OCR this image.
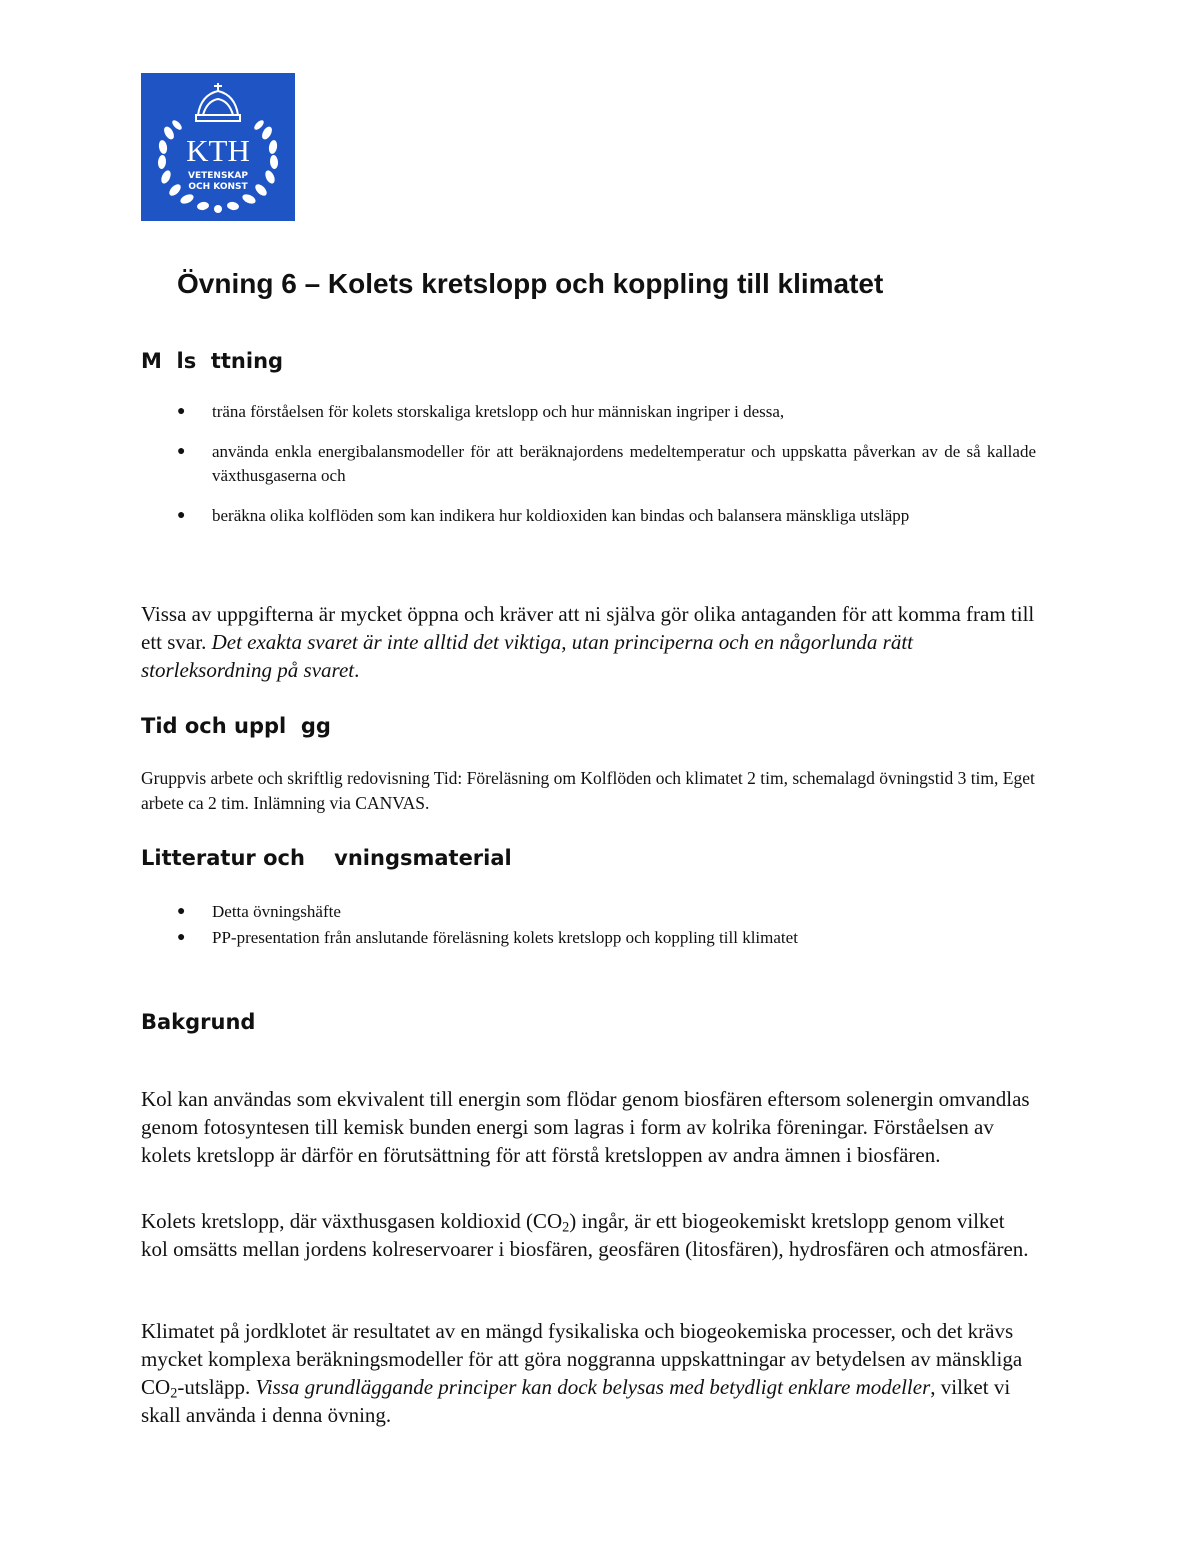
KTH
VETENSKAP
OCH KONST
Övning 6 – Kolets kretslopp och koppling till klimatet
M  ls  ttning
● träna förståelsen för kolets storskaliga kretslopp och hur människan ingriper i dessa,
● använda enkla energibalansmodeller för att beräknajordens medeltemperatur och uppskatta påverkan av de så kallade växthusgaserna och
● beräkna olika kolflöden som kan indikera hur koldioxiden kan bindas och balansera mänskliga utsläpp

Vissa av uppgifterna är mycket öppna och kräver att ni själva gör olika antaganden för att komma fram till ett svar. Det exakta svaret är inte alltid det viktiga, utan principerna och en någorlunda rätt storleksordning på svaret.

Tid och uppl  gg

Gruppvis arbete och skriftlig redovisning Tid: Föreläsning om Kolflöden och klimatet 2 tim, schemalagd övningstid 3 tim, Eget arbete ca 2 tim. Inlämning via CANVAS.

Litteratur och    vningsmaterial
● Detta övningshäfte
● PP-presentation från anslutande föreläsning kolets kretslopp och koppling till klimatet
Bakgrund

Kol kan användas som ekvivalent till energin som flödar genom biosfären eftersom solenergin omvandlas genom fotosyntesen till kemisk bunden energi som lagras i form av kolrika föreningar. Förståelsen av kolets kretslopp är därför en förutsättning för att förstå kretsloppen av andra ämnen i biosfären.

Kolets kretslopp, där växthusgasen koldioxid $(CO_2)$ ingår, är ett biogeokemiskt kretslopp genom vilket kol omsätts mellan jordens kolreservoarer i biosfären, geosfären (litosfären), hydrosfären och atmosfären.

Klimatet på jordklotet är resultatet av en mängd fysikaliska och biogeokemiska processer, och det krävs mycket komplexa beräkningsmodeller för att göra noggranna uppskattningar av betydelsen av mänskliga $CO_2$-utsläpp. Vissa grundläggande principer kan dock belysas med betydligt enklare modeller, vilket vi skall använda i denna övning.
